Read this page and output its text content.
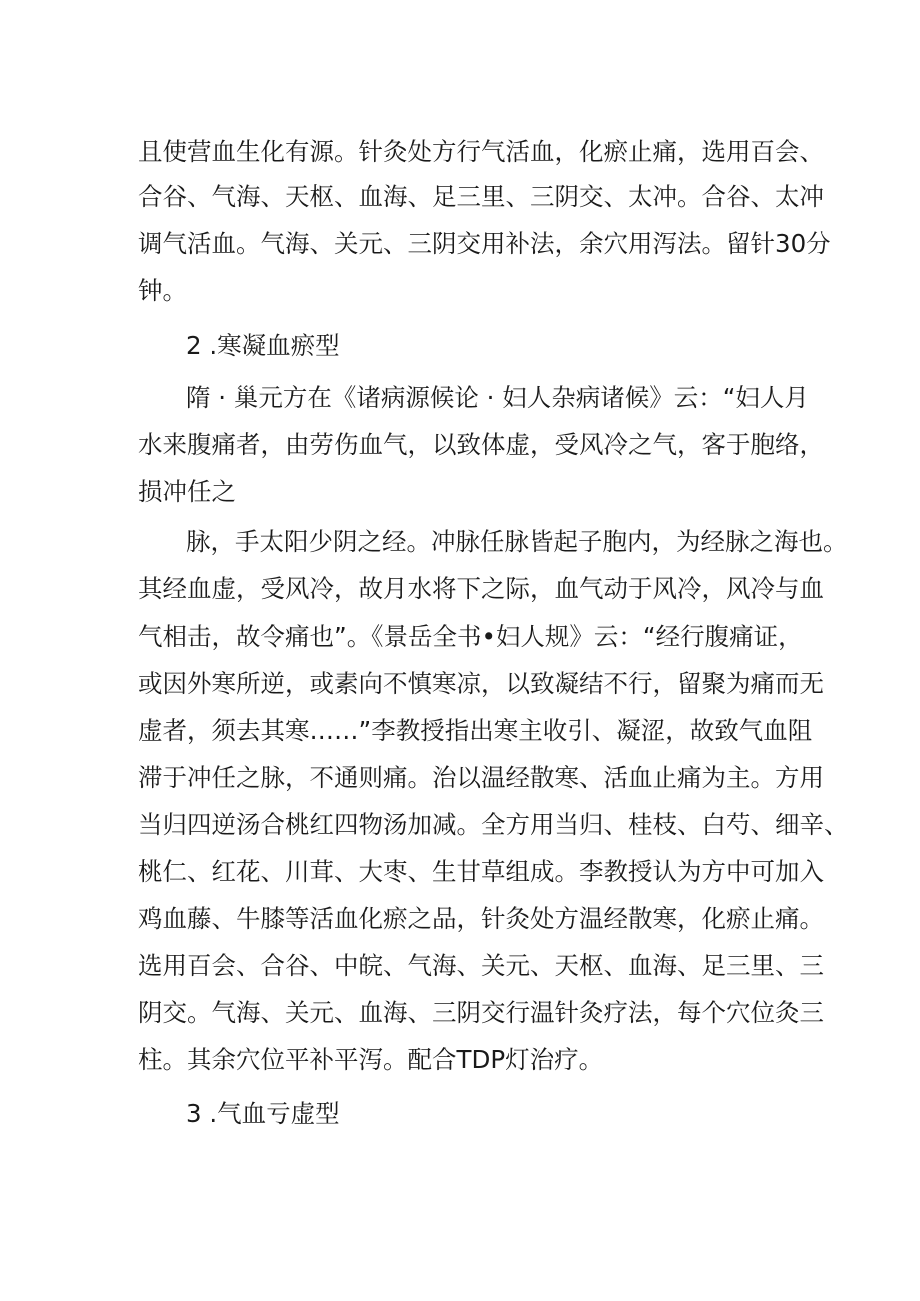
且使营血生化有源。针灸处方行气活血，化瘀止痛，选用百会、
合谷、气海、天枢、血海、足三里、三阴交、太冲。合谷、太冲
调气活血。气海、关元、三阴交用补法，余穴用泻法。留针30分
钟。
2 .寒凝血瘀型
隋 · 巢元方在《诸病源候论 · 妇人杂病诸候》云：“妇人月
水来腹痛者，由劳伤血气，以致体虚，受风冷之气，客于胞络，
损冲任之
脉，手太阳少阴之经。冲脉任脉皆起子胞内，为经脉之海也。
其经血虚，受风冷，故月水将下之际，血气动于风冷，风冷与血
气相击，故令痛也”。《景岳全书•妇人规》云：“经行腹痛证，
或因外寒所逆，或素向不慎寒凉，以致凝结不行，留聚为痛而无
虚者，须去其寒……”李教授指出寒主收引、凝涩，故致气血阻
滞于冲任之脉，不通则痛。治以温经散寒、活血止痛为主。方用
当归四逆汤合桃红四物汤加减。全方用当归、桂枝、白芍、细辛、
桃仁、红花、川茸、大枣、生甘草组成。李教授认为方中可加入
鸡血藤、牛膝等活血化瘀之品，针灸处方温经散寒，化瘀止痛。
选用百会、合谷、中皖、气海、关元、天枢、血海、足三里、三
阴交。气海、关元、血海、三阴交行温针灸疗法，每个穴位灸三
柱。其余穴位平补平泻。配合TDP灯治疗。
3 .气血亏虚型
